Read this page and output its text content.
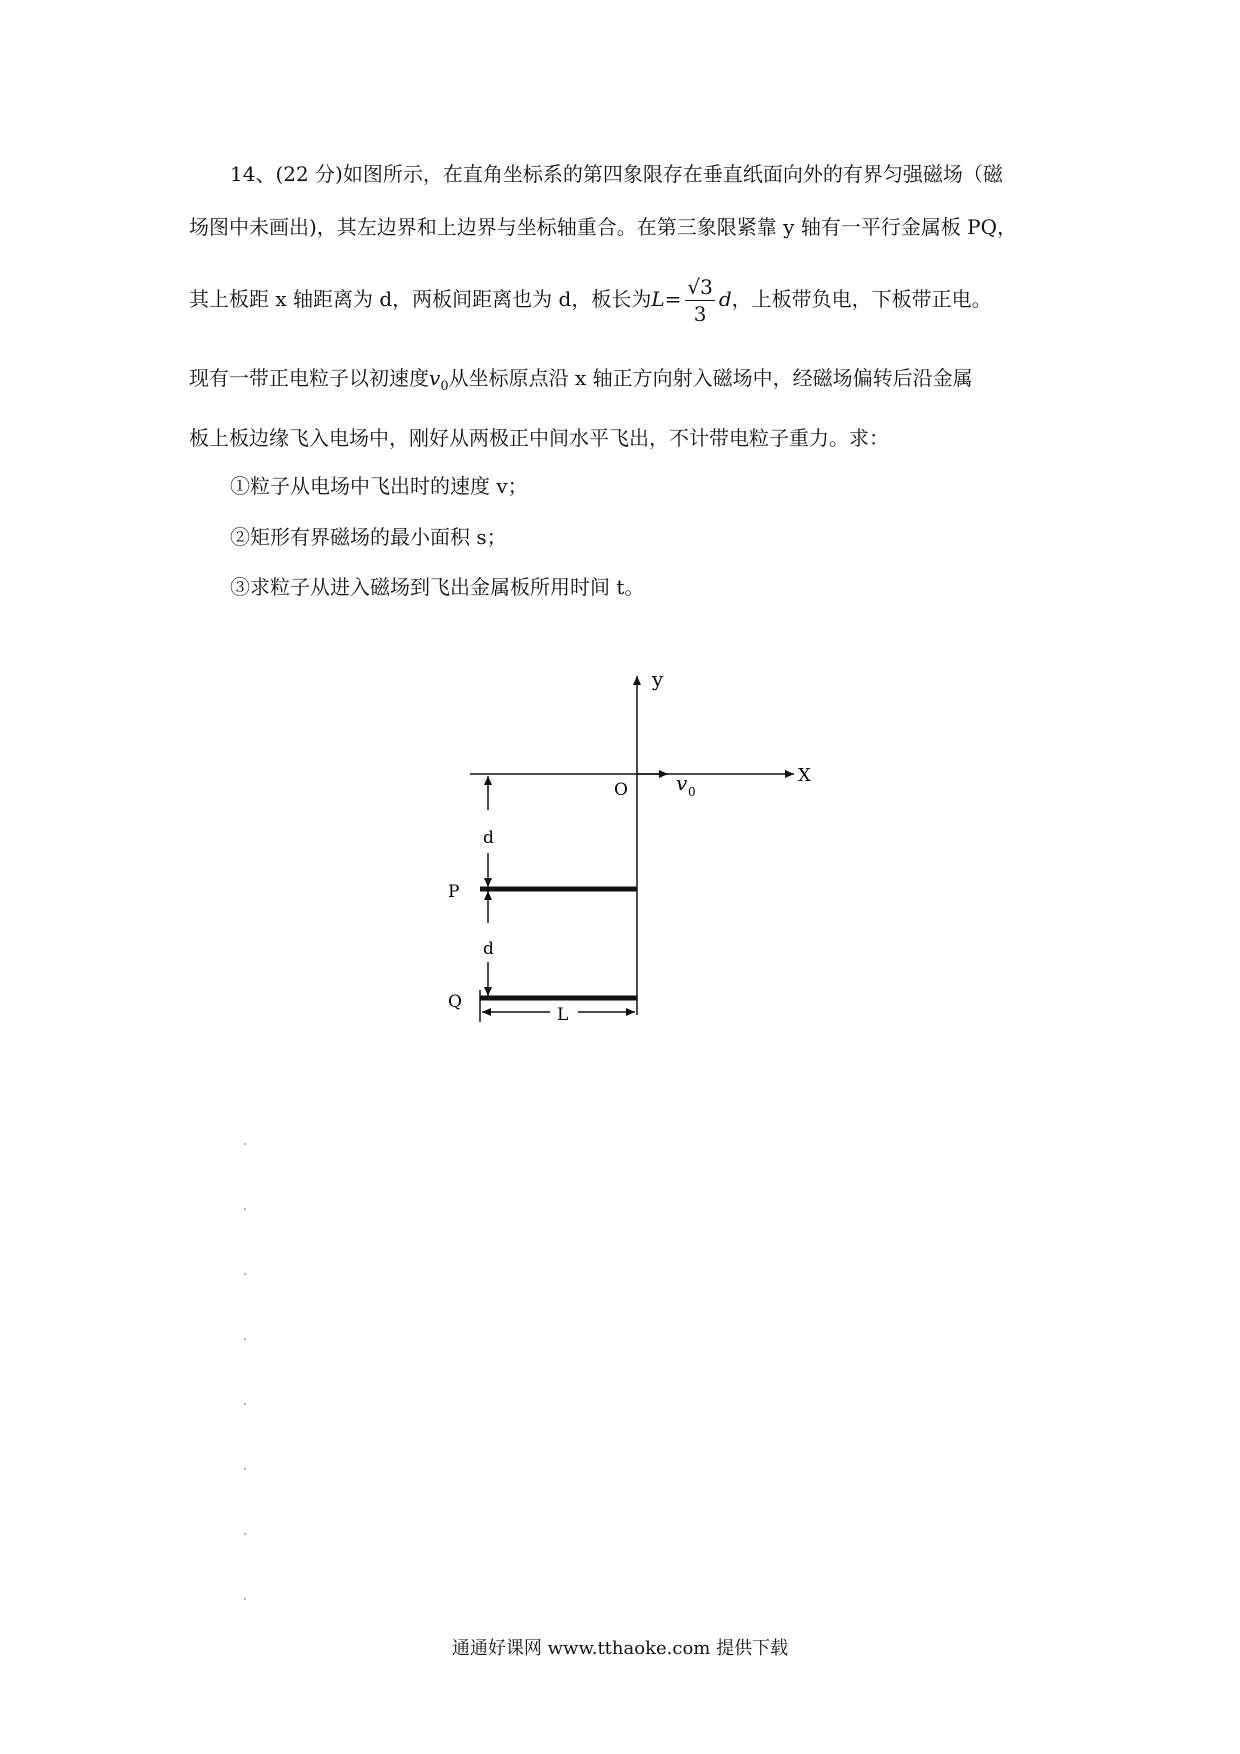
14、(22 分)如图所示，在直角坐标系的第四象限存在垂直纸面向外的有界匀强磁场（磁
场图中未画出)，其左边界和上边界与坐标轴重合。在第三象限紧靠 y 轴有一平行金属板 PQ，
其上板距 x 轴距离为 d，两板间距离也为 d，板长为$L= \frac{√3}{3}$ d，上板带负电，下板带正电。
现有一带正电粒子以初速度$v_0$从坐标原点沿 x 轴正方向射入磁场中，经磁场偏转后沿金属
板上板边缘飞入电场中，刚好从两极正中间水平飞出，不计带电粒子重力。求：
①粒子从电场中飞出时的速度 v；
②矩形有界磁场的最小面积 s；
③求粒子从进入磁场到飞出金属板所用时间 t。
y
X
O v 0
d
d
P
Q
L
通通好课网 www.tthaoke.com 提供下载
